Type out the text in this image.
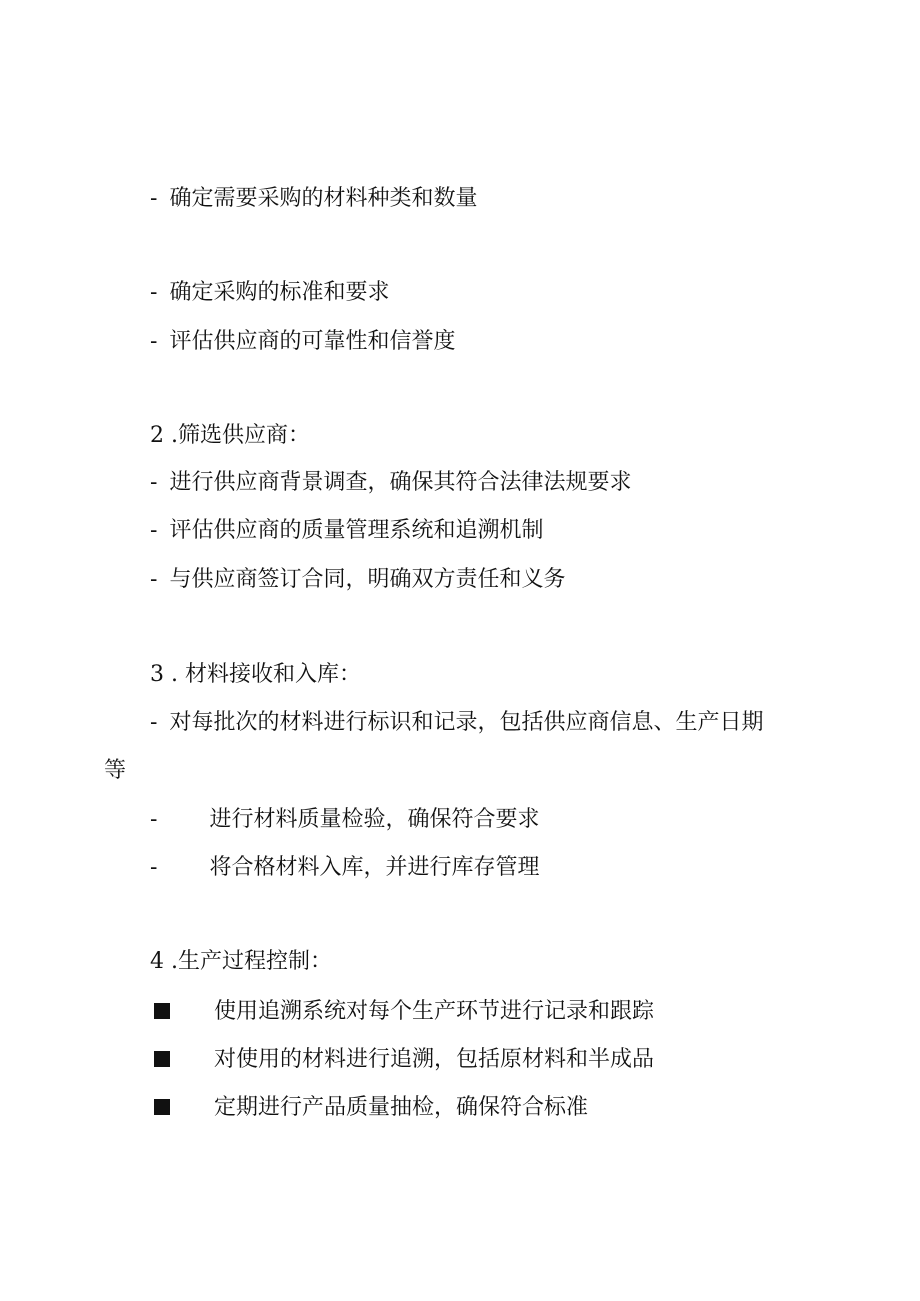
- 确定需要采购的材料种类和数量
- 确定采购的标准和要求
- 评估供应商的可靠性和信誉度
2 .筛选供应商：
- 进行供应商背景调查，确保其符合法律法规要求
- 评估供应商的质量管理系统和追溯机制
- 与供应商签订合同，明确双方责任和义务
3 . 材料接收和入库：
- 对每批次的材料进行标识和记录，包括供应商信息、生产日期
等
- 进行材料质量检验，确保符合要求
- 将合格材料入库，并进行库存管理
4 .生产过程控制：
使用追溯系统对每个生产环节进行记录和跟踪
对使用的材料进行追溯，包括原材料和半成品
定期进行产品质量抽检，确保符合标准
